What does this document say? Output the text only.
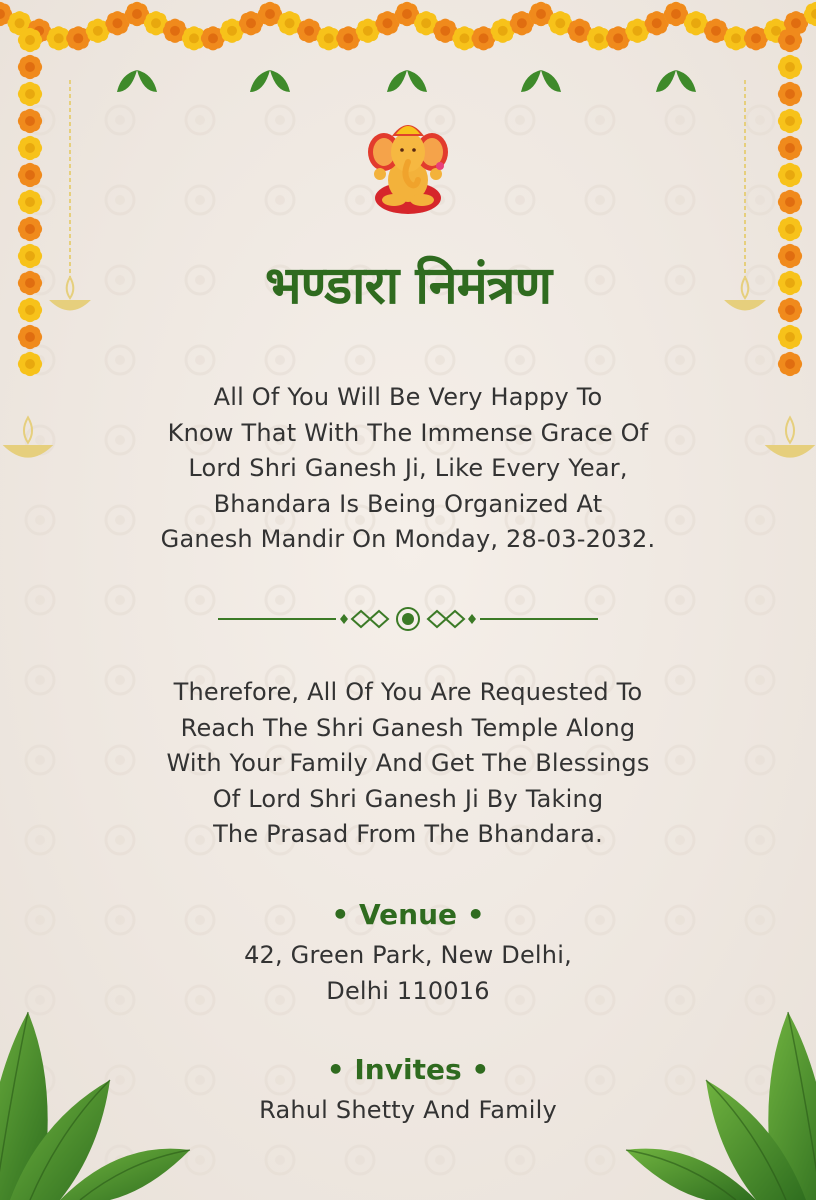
भण्डारा निमंत्रण
All Of You Will Be Very Happy To
Know That With The Immense Grace Of
Lord Shri Ganesh Ji, Like Every Year,
Bhandara Is Being Organized At
Ganesh Mandir On Monday, 28-03-2032.
Therefore, All Of You Are Requested To
Reach The Shri Ganesh Temple Along
With Your Family And Get The Blessings
Of Lord Shri Ganesh Ji By Taking
The Prasad From The Bhandara.
• Venue •
42, Green Park, New Delhi,
Delhi 110016
• Invites •
Rahul Shetty And Family
